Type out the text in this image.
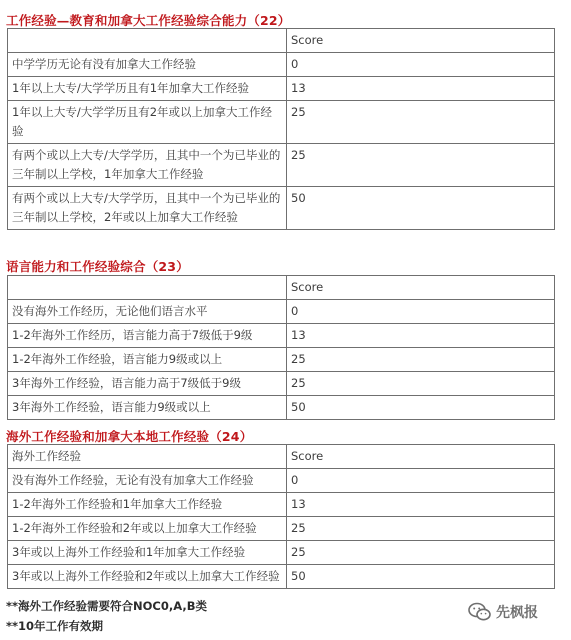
工作经验—教育和加拿大工作经验综合能力（22）
	Score
中学学历无论有没有加拿大工作经验	0
1年以上大专/大学学历且有1年加拿大工作经验	13
1年以上大专/大学学历且有2年或以上加拿大工作经验	25
有两个或以上大专/大学学历，且其中一个为已毕业的三年制以上学校，1年加拿大工作经验	25
有两个或以上大专/大学学历，且其中一个为已毕业的三年制以上学校，2年或以上加拿大工作经验	50
语言能力和工作经验综合（23）
	Score
没有海外工作经历，无论他们语言水平	0
1-2年海外工作经历，语言能力高于7级低于9级	13
1-2年海外工作经验，语言能力9级或以上	25
3年海外工作经验，语言能力高于7级低于9级	25
3年海外工作经验，语言能力9级或以上	50
海外工作经验和加拿大本地工作经验（24）
海外工作经验	Score
没有海外工作经验，无论有没有加拿大工作经验	0
1-2年海外工作经验和1年加拿大工作经验	13
1-2年海外工作经验和2年或以上加拿大工作经验	25
3年或以上海外工作经验和1年加拿大工作经验	25
3年或以上海外工作经验和2年或以上加拿大工作经验	50
**海外工作经验需要符合NOC0,A,B类
**10年工作有效期
先枫报
